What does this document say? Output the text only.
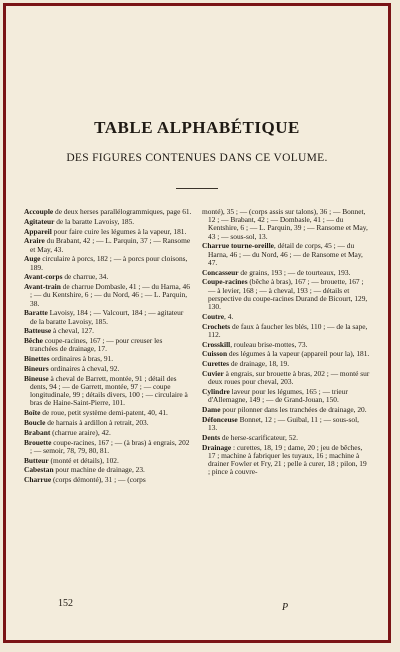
TABLE ALPHABÉTIQUE
DES FIGURES CONTENUES DANS CE VOLUME.
Accouple de deux herses parallélogrammiques, page 61.
Agitateur de la baratte Lavoisy, 185.
Appareil pour faire cuire les légumes à la vapeur, 181.
Araire du Brabant, 42 ; — L. Parquin, 37 ; — Ransome et May, 43.
Auge circulaire à porcs, 182 ; — à porcs pour cloisons, 189.
Avant-corps de charrue, 34.
Avant-train de charrue Dombasle, 41 ; — du Harna, 46 ; — du Kentshire, 6 ; — du Nord, 46 ; — L. Parquin, 38.
Baratte Lavoisy, 184 ; — Valcourt, 184 ; — agitateur de la baratte Lavoisy, 185.
Batteuse à cheval, 127.
Bêche coupe-racines, 167 ; — pour creuser les tranchées de drainage, 17.
Binettes ordinaires à bras, 91.
Bineurs ordinaires à cheval, 92.
Bineuse à cheval de Barrett, montée, 91 ; détail des dents, 94 ; — de Garrett, montée, 97 ; — coupe longitudinale, 99 ; détails divers, 100 ; — circulaire à bras de Haine-Saint-Pierre, 101.
Boîte de roue, petit système demi-patent, 40, 41.
Boucle de harnais à ardillon à retrait, 203.
Brabant (charrue araire), 42.
Brouette coupe-racines, 167 ; — (à bras) à engrais, 202 ; — semoir, 78, 79, 80, 81.
Butteur (monté et détails), 102.
Cabestan pour machine de drainage, 23.
Charrue (corps démonté), 31 ; — (corps
monté), 35 ; — (corps assis sur talons), 36 ; — Bonnet, 12 ; — Brabant, 42 ; — Dombasle, 41 ; — du Kentshire, 6 ; — L. Parquin, 39 ; — Ransome et May, 43 ; — sous-sol, 13.
Charrue tourne-oreille, détail de corps, 45 ; — du Harna, 46 ; — du Nord, 46 ; — de Ransome et May, 47.
Concasseur de grains, 193 ; — de tourteaux, 193.
Coupe-racines (bêche à bras), 167 ; — brouette, 167 ; — à levier, 168 ; — à cheval, 193 ; — détails et perspective du coupe-racines Durand de Bicourt, 129, 130.
Coutre, 4.
Crochets de faux à faucher les blés, 110 ; — de la sape, 112.
Crosskill, rouleau brise-mottes, 73.
Cuisson des légumes à la vapeur (appareil pour la), 181.
Curettes de drainage, 18, 19.
Cuvier à engrais, sur brouette à bras, 202 ; — monté sur deux roues pour cheval, 203.
Cylindre laveur pour les légumes, 165 ; — trieur d'Allemagne, 149 ; — de Grand-Jouan, 150.
Dame pour pilonner dans les tranchées de drainage, 20.
Défonceuse Bonnet, 12 ; — Guibal, 11 ; — sous-sol, 13.
Dents de herse-scarificateur, 52.
Drainage : curettes, 18, 19 ; dame, 20 ; jeu de bêches, 17 ; machine à fabriquer les tuyaux, 16 ; machine à drainer Fowler et Fry, 21 ; pelle à curer, 18 ; pilon, 19 ; pince à couvre-
152	P
